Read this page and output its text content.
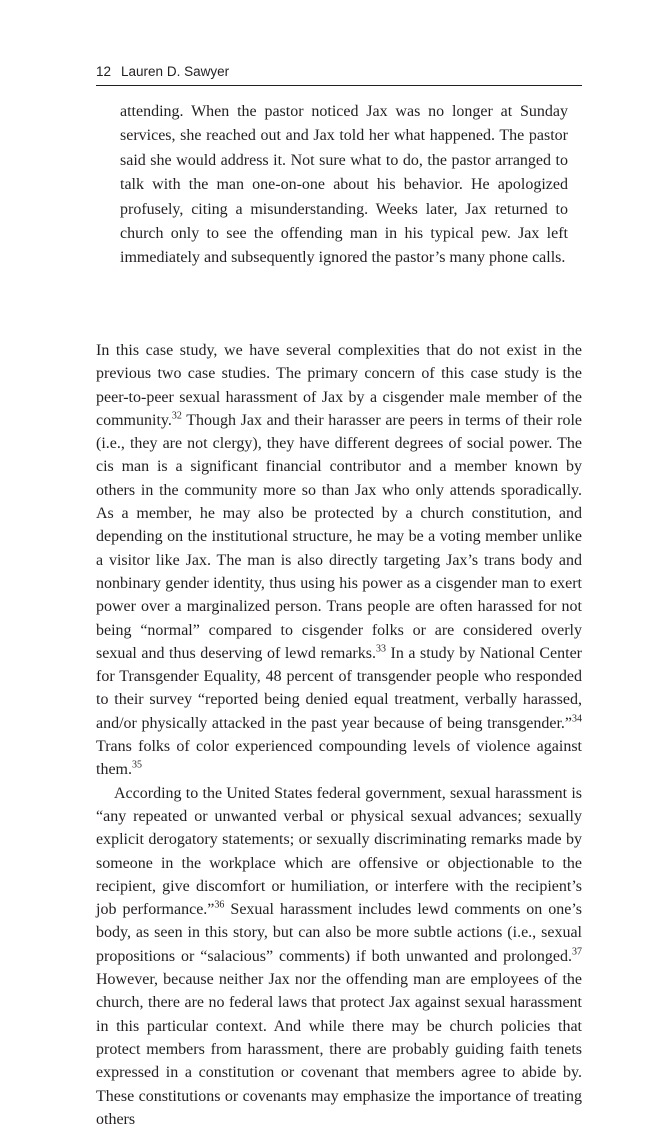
12 Lauren D. Sawyer

attending. When the pastor noticed Jax was no longer at Sunday services, she reached out and Jax told her what happened. The pastor said she would address it. Not sure what to do, the pastor arranged to talk with the man one-on-one about his behavior. He apologized profusely, citing a misunderstanding. Weeks later, Jax returned to church only to see the offending man in his typical pew. Jax left immediately and subsequently ignored the pastor’s many phone calls.

In this case study, we have several complexities that do not exist in the previous two case studies. The primary concern of this case study is the peer-to-peer sexual harassment of Jax by a cisgender male member of the community.$^{32}$ Though Jax and their harasser are peers in terms of their role (i.e., they are not clergy), they have different degrees of social power. The cis man is a significant financial contributor and a member known by others in the community more so than Jax who only attends sporadically. As a member, he may also be protected by a church constitution, and depending on the institutional structure, he may be a voting member unlike a visitor like Jax. The man is also directly targeting Jax’s trans body and nonbinary gender identity, thus using his power as a cisgender man to exert power over a marginalized person. Trans people are often harassed for not being “normal” compared to cisgender folks or are considered overly sexual and thus deserving of lewd remarks.$^{33}$ In a study by National Center for Transgender Equality, 48 percent of transgender people who responded to their survey “reported being denied equal treatment, verbally harassed, and/or physically attacked in the past year because of being transgender.”$^{34}$ Trans folks of color experienced compounding levels of violence against them.$^{35}$

According to the United States federal government, sexual harassment is “any repeated or unwanted verbal or physical sexual advances; sexually explicit derogatory statements; or sexually discriminating remarks made by someone in the workplace which are offensive or objectionable to the recipient, give discomfort or humiliation, or interfere with the recipient’s job performance.”$^{36}$ Sexual harassment includes lewd comments on one’s body, as seen in this story, but can also be more subtle actions (i.e., sexual propositions or “salacious” comments) if both unwanted and prolonged.$^{37}$ However, because neither Jax nor the offending man are employees of the church, there are no federal laws that protect Jax against sexual harassment in this particular context. And while there may be church policies that protect members from harassment, there are probably guiding faith tenets expressed in a constitution or covenant that members agree to abide by. These constitutions or covenants may emphasize the importance of treating others
